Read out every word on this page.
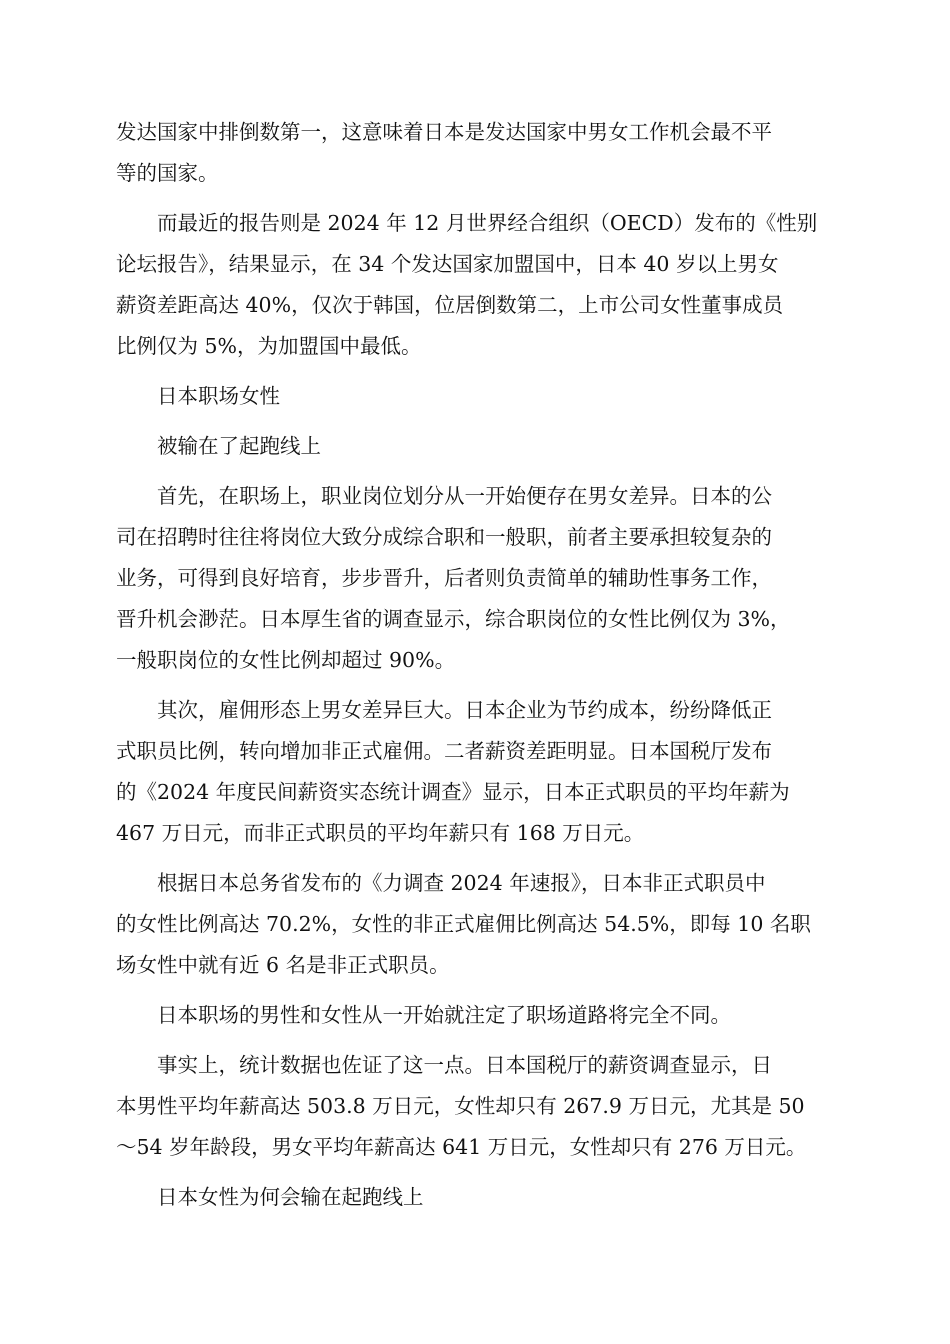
发达国家中排倒数第一，这意味着日本是发达国家中男女工作机会最不平
等的国家。
而最近的报告则是 2024 年 12 月世界经合组织（OECD）发布的《性别
论坛报告》，结果显示，在 34 个发达国家加盟国中，日本 40 岁以上男女
薪资差距高达 40%，仅次于韩国，位居倒数第二，上市公司女性董事成员
比例仅为 5%，为加盟国中最低。
日本职场女性
被输在了起跑线上
首先，在职场上，职业岗位划分从一开始便存在男女差异。日本的公
司在招聘时往往将岗位大致分成综合职和一般职，前者主要承担较复杂的
业务，可得到良好培育，步步晋升，后者则负责简单的辅助性事务工作，
晋升机会渺茫。日本厚生省的调查显示，综合职岗位的女性比例仅为 3%，
一般职岗位的女性比例却超过 90%。
其次，雇佣形态上男女差异巨大。日本企业为节约成本，纷纷降低正
式职员比例，转向增加非正式雇佣。二者薪资差距明显。日本国税厅发布
的《2024 年度民间薪资实态统计调查》显示，日本正式职员的平均年薪为
467 万日元，而非正式职员的平均年薪只有 168 万日元。
根据日本总务省发布的《力调查 2024 年速报》，日本非正式职员中
的女性比例高达 70.2%，女性的非正式雇佣比例高达 54.5%，即每 10 名职
场女性中就有近 6 名是非正式职员。
日本职场的男性和女性从一开始就注定了职场道路将完全不同。
事实上，统计数据也佐证了这一点。日本国税厅的薪资调查显示，日
本男性平均年薪高达 503.8 万日元，女性却只有 267.9 万日元，尤其是 50
～54 岁年龄段，男女平均年薪高达 641 万日元，女性却只有 276 万日元。
日本女性为何会输在起跑线上
